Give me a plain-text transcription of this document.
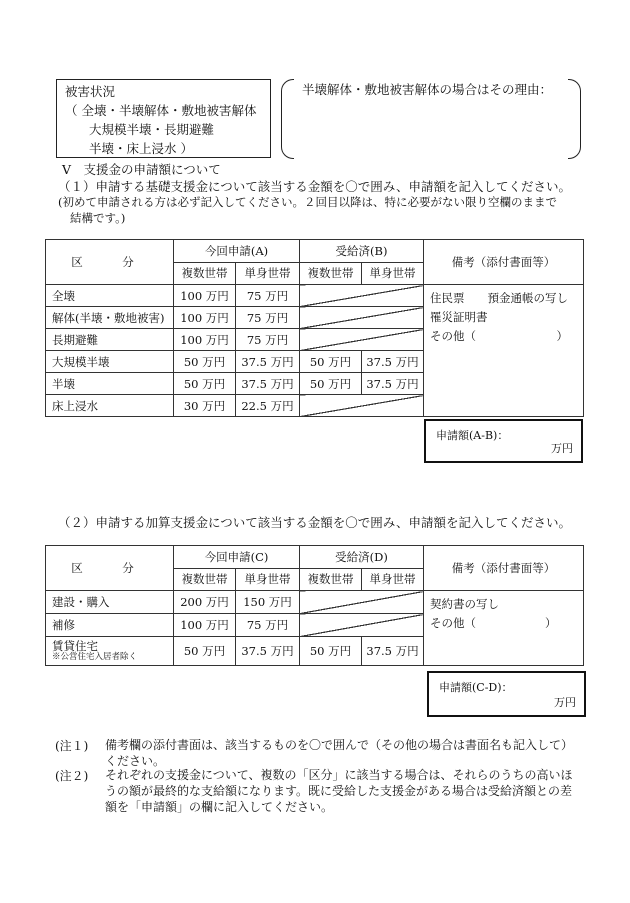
被害状況
（ 全壊・半壊解体・敷地被害解体
大規模半壊・長期避難
半壊・床上浸水 ）
半壊解体・敷地被害解体の場合はその理由：
Ⅴ　支援金の申請額について
（１）申請する基礎支援金について該当する金額を〇で囲み、申請額を記入してください。
(初めて申請される方は必ず記入してください。２回目以降は、特に必要がない限り空欄のままで
結構です。)
区　分	今回申請(A)		受給済(B)		備考（添付書面等）
	複数世帯	単身世帯	複数世帯	単身世帯	
全壊	100 万円	75 万円			住民票　　預金通帳の写し
罹災証明書
その他（　　　　　　　）

解体(半壊・敷地被害)	100 万円	75 万円			
長期避難	100 万円	75 万円			
大規模半壊	50 万円	37.5 万円	50 万円	37.5 万円	
半壊	50 万円	37.5 万円	50 万円	37.5 万円	
床上浸水	30 万円	22.5 万円			
申請額(A-B)：
万円
（２）申請する加算支援金について該当する金額を〇で囲み、申請額を記入してください。
区　分	今回申請(C)		受給済(D)		備考（添付書面等）
	複数世帯	単身世帯	複数世帯	単身世帯	
建設・購入	200 万円	150 万円			契約書の写し
その他（　　　　　　）

補修	100 万円	75 万円			
賃貸住宅
※公営住宅入居者除く	50 万円	37.5 万円	50 万円	37.5 万円	
申請額(C-D)：
万円
(注１) 備考欄の添付書面は、該当するものを〇で囲んで（その他の場合は書面名も記入して）ください。
(注２) それぞれの支援金について、複数の「区分」に該当する場合は、それらのうちの高いほうの額が最終的な支給額になります。既に受給した支援金がある場合は受給済額との差額を「申請額」の欄に記入してください。
